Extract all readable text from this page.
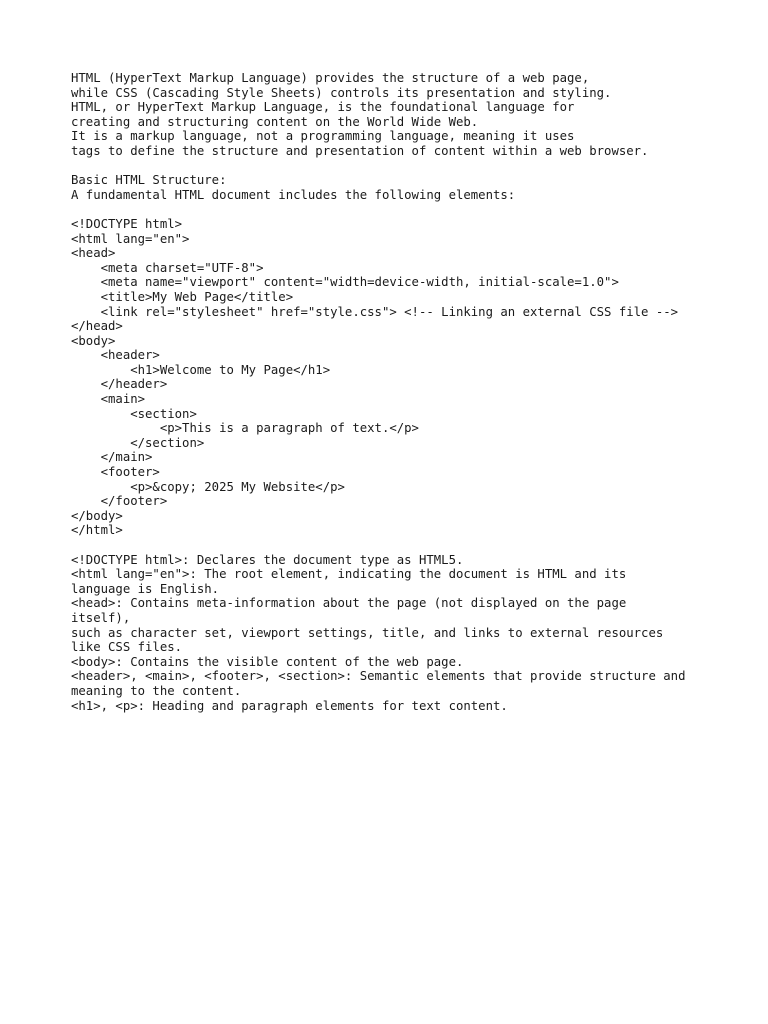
HTML (HyperText Markup Language) provides the structure of a web page,
while CSS (Cascading Style Sheets) controls its presentation and styling.
HTML, or HyperText Markup Language, is the foundational language for
creating and structuring content on the World Wide Web.
It is a markup language, not a programming language, meaning it uses
tags to define the structure and presentation of content within a web browser.
Basic HTML Structure:
A fundamental HTML document includes the following elements:
<!DOCTYPE html>
<html lang="en">
<head>
<meta charset="UTF-8">
<meta name="viewport" content="width=device-width, initial-scale=1.0">
<title>My Web Page</title>
<link rel="stylesheet" href="style.css"> <!-- Linking an external CSS file -->
</head>
<body>
<header>
<h1>Welcome to My Page</h1>
</header>
<main>
<section>
<p>This is a paragraph of text.</p>
</section>
</main>
<footer>
<p>&copy; 2025 My Website</p>
</footer>
</body>
</html>
<!DOCTYPE html>: Declares the document type as HTML5.
<html lang="en">: The root element, indicating the document is HTML and its
language is English.
<head>: Contains meta-information about the page (not displayed on the page
itself),
such as character set, viewport settings, title, and links to external resources
like CSS files.
<body>: Contains the visible content of the web page.
<header>, <main>, <footer>, <section>: Semantic elements that provide structure and
meaning to the content.
<h1>, <p>: Heading and paragraph elements for text content.
